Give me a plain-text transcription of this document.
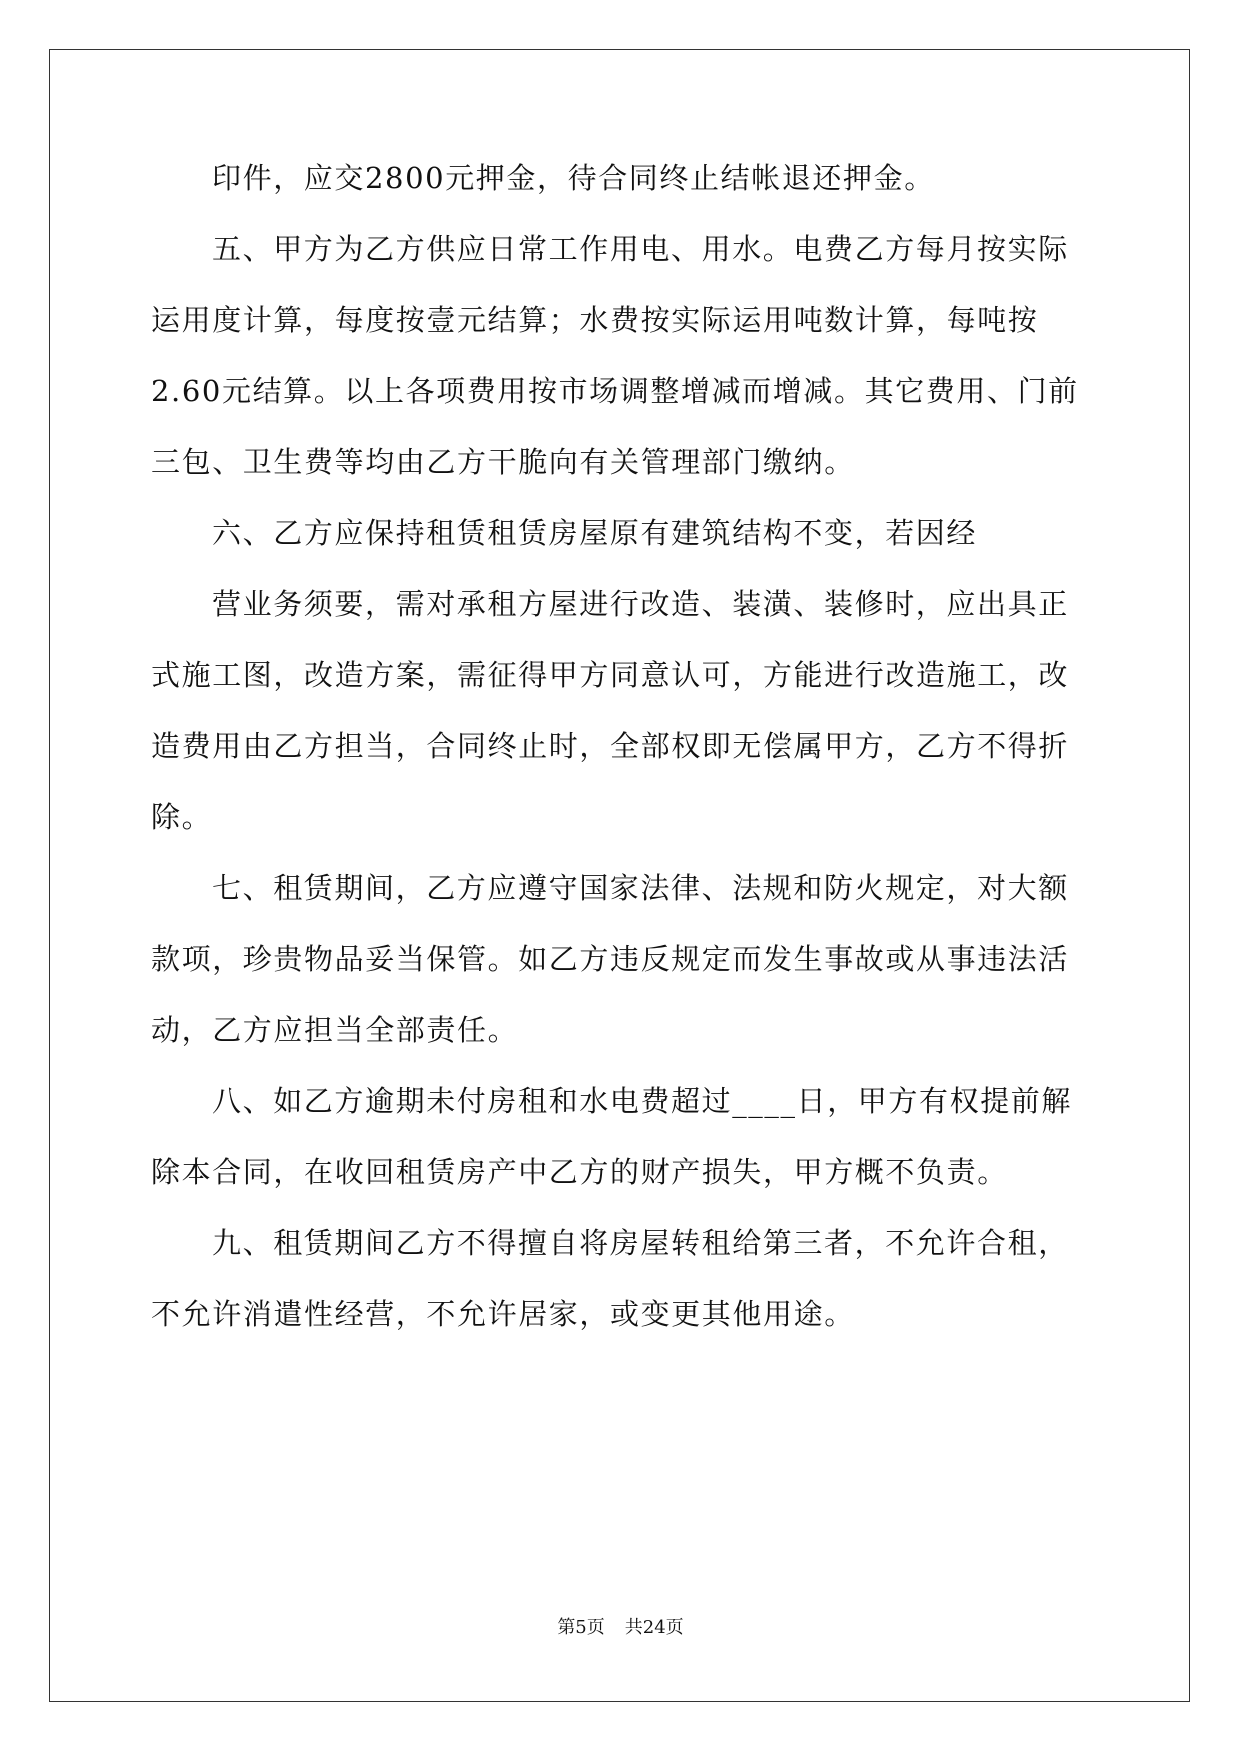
印件，应交2800元押金，待合同终止结帐退还押金。
五、甲方为乙方供应日常工作用电、用水。电费乙方每月按实际
运用度计算，每度按壹元结算；水费按实际运用吨数计算，每吨按
2.60元结算。以上各项费用按市场调整增减而增减。其它费用、门前
三包、卫生费等均由乙方干脆向有关管理部门缴纳。
六、乙方应保持租赁租赁房屋原有建筑结构不变，若因经
营业务须要，需对承租方屋进行改造、装潢、装修时，应出具正
式施工图，改造方案，需征得甲方同意认可，方能进行改造施工，改
造费用由乙方担当，合同终止时，全部权即无偿属甲方，乙方不得折
除。
七、租赁期间，乙方应遵守国家法律、法规和防火规定，对大额
款项，珍贵物品妥当保管。如乙方违反规定而发生事故或从事违法活
动，乙方应担当全部责任。
八、如乙方逾期未付房租和水电费超过____日，甲方有权提前解
除本合同，在收回租赁房产中乙方的财产损失，甲方概不负责。
九、租赁期间乙方不得擅自将房屋转租给第三者，不允许合租，
不允许消遣性经营，不允许居家，或变更其他用途。
第5页 共24页
